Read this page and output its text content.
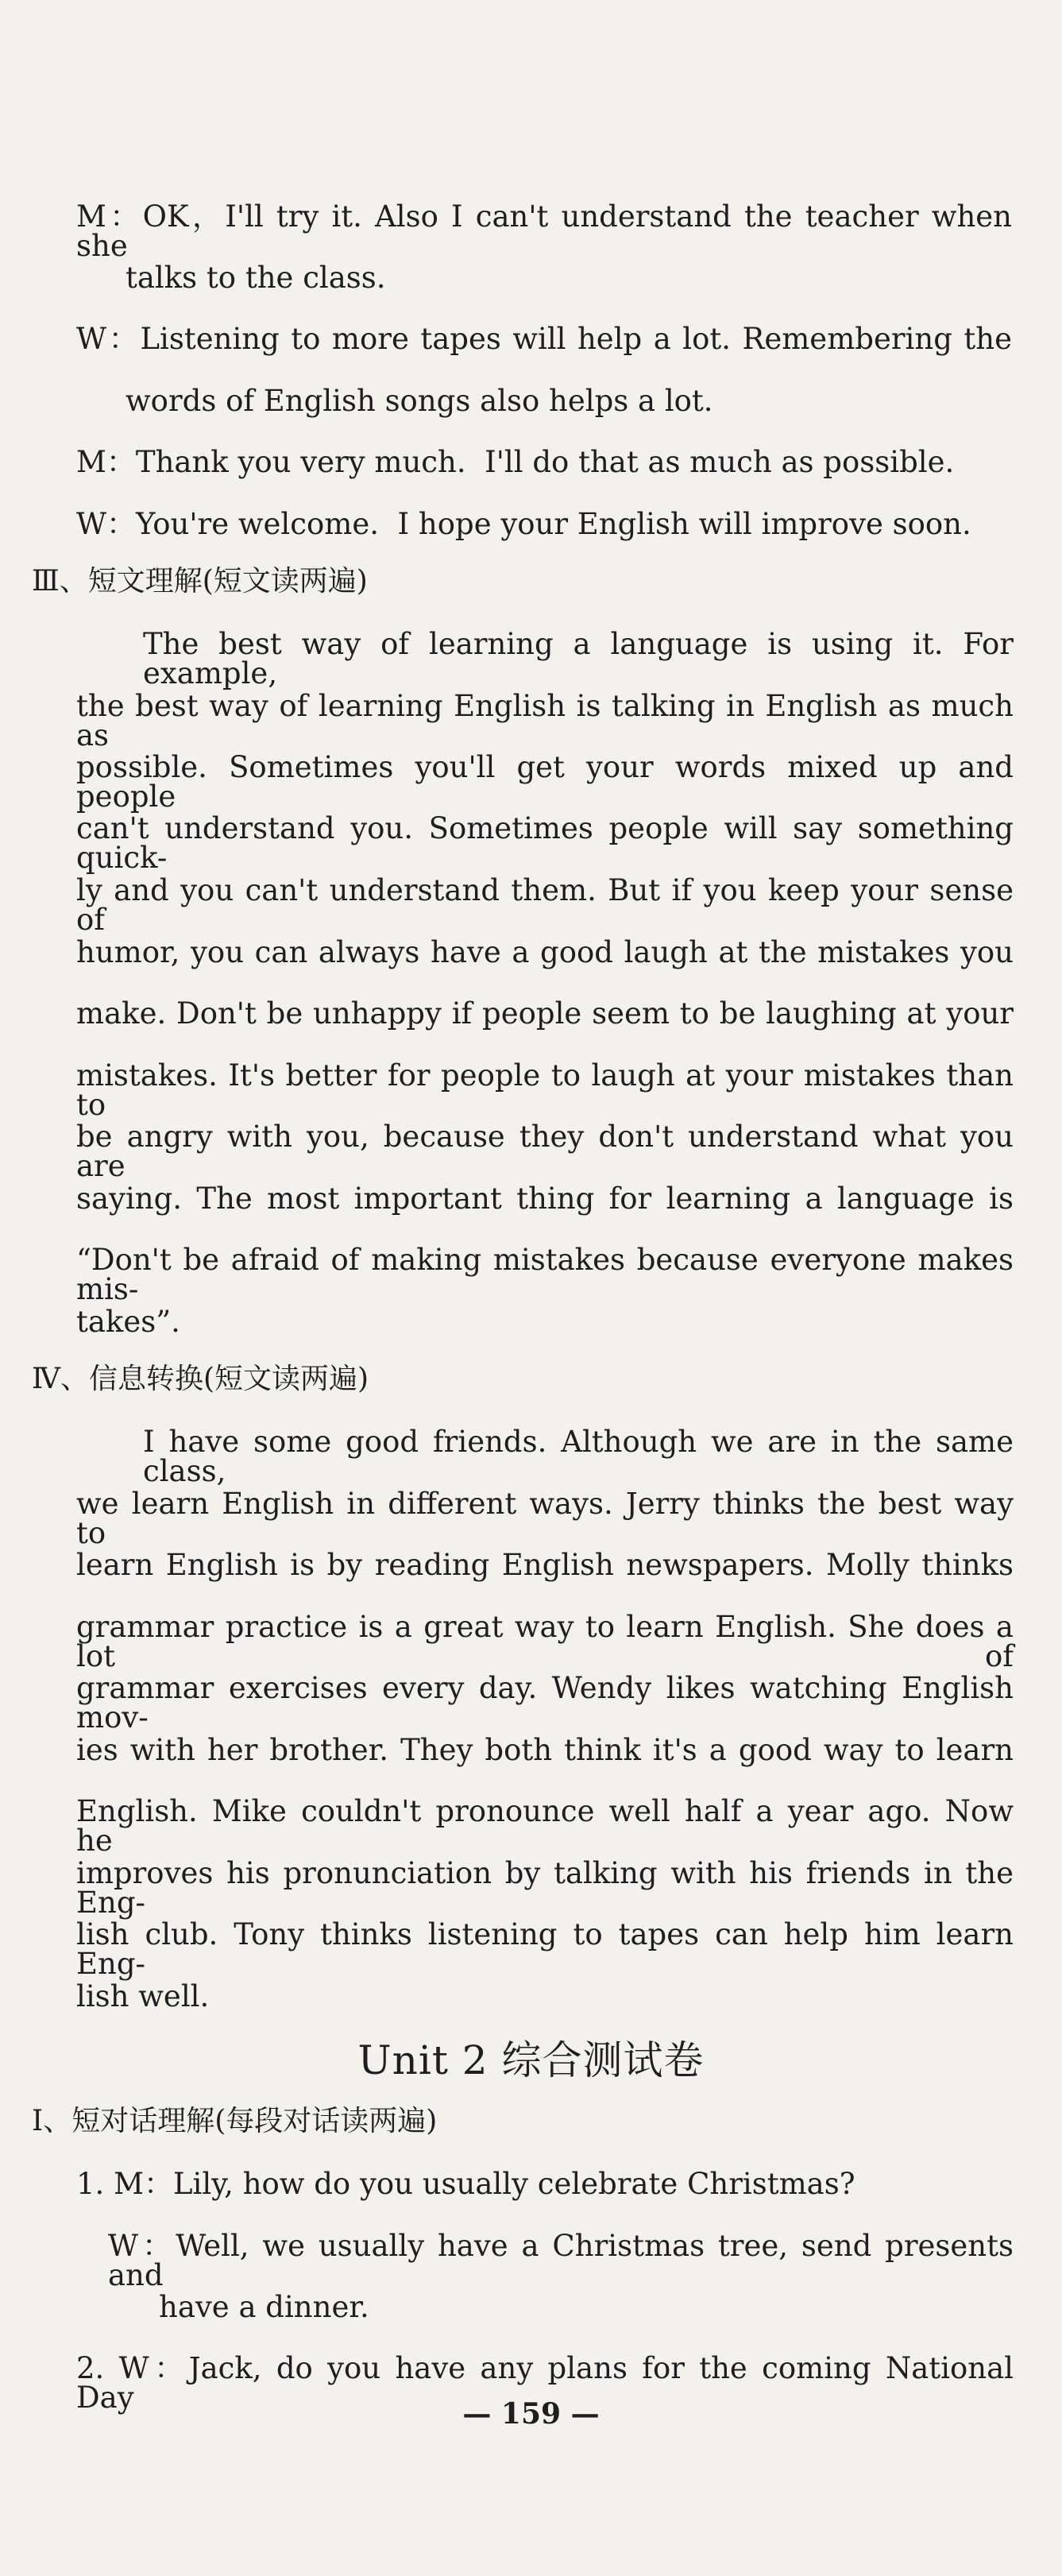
M：OK，I'll try it. Also I can't understand the teacher when she

talks to the class.

W：Listening to more tapes will help a lot. Remembering the

words of English songs also helps a lot.

M：Thank you very much.  I'll do that as much as possible.

W：You're welcome.  I hope your English will improve soon.

Ⅲ、短文理解(短文读两遍)

The best way of learning a language is using it. For example,

the best way of learning English is talking in English as much as

possible. Sometimes you'll get your words mixed up and people

can't understand you. Sometimes people will say something quick-

ly and you can't understand them. But if you keep your sense of

humor, you can always have a good laugh at the mistakes you

make. Don't be unhappy if people seem to be laughing at your

mistakes. It's better for people to laugh at your mistakes than to

be angry with you, because they don't understand what you are

saying. The most important thing for learning a language is

“Don't be afraid of making mistakes because everyone makes mis-

takes”.

Ⅳ、信息转换(短文读两遍)

I have some good friends. Although we are in the same class,

we learn English in different ways. Jerry thinks the best way to

learn English is by reading English newspapers. Molly thinks

grammar practice is a great way to learn English. She does a lot of

grammar exercises every day. Wendy likes watching English mov-

ies with her brother. They both think it's a good way to learn

English. Mike couldn't pronounce well half a year ago. Now he

improves his pronunciation by talking with his friends in the Eng-

lish club. Tony thinks listening to tapes can help him learn Eng-

lish well.

Unit 2 综合测试卷

Ⅰ、短对话理解(每段对话读两遍)

1. M：Lily, how do you usually celebrate Christmas?

W：Well, we usually have a Christmas tree, send presents and

have a dinner.

2. W：Jack, do you have any plans for the coming National Day	— 159 —
